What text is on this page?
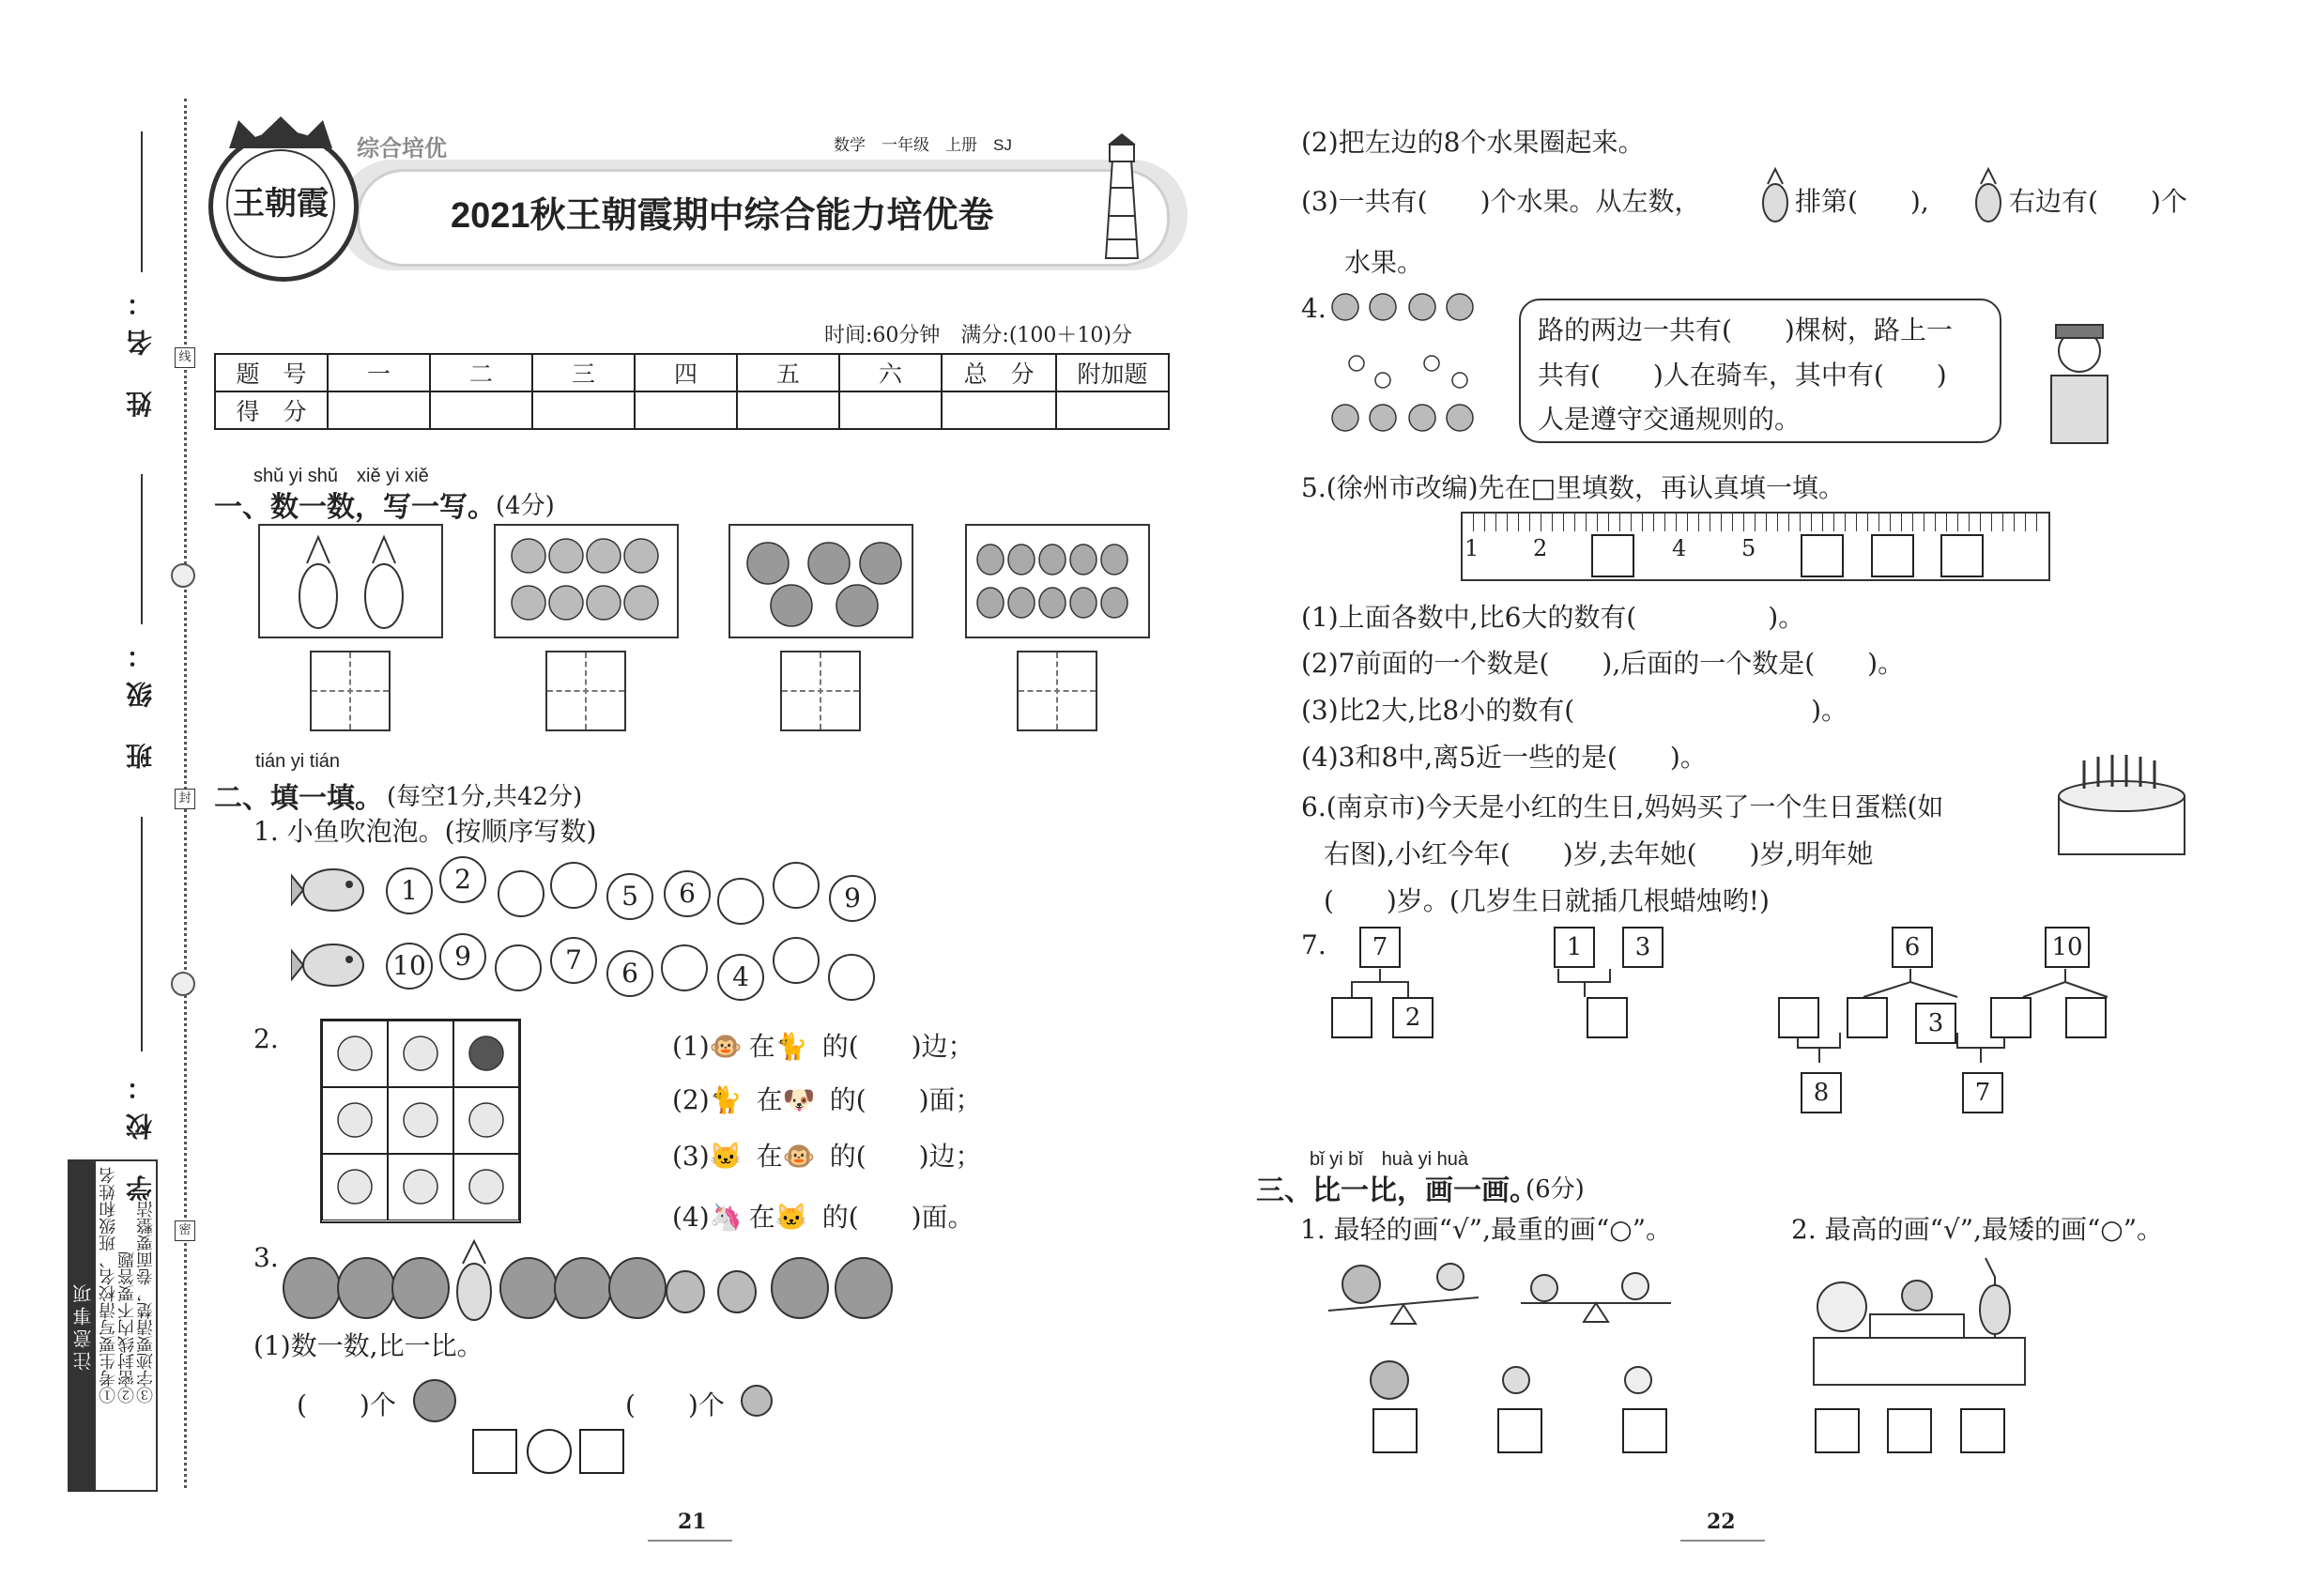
线
封
密
姓 名：
班 级：
学 校：
注意事项 ①考生要写清校名、班级和姓名 ②密封线内不要答题 ③字迹要清楚，卷面要整洁
王朝霞
综合培优	数学　一年级　上册　SJ
2021秋王朝霞期中综合能力培优卷
时间:60分钟　满分:(100＋10)分
题　号	一	二	三	四	五	六	总　分	附加题
得　分								
shǔ yi shǔ　xiě yi xiě
一、数一数，写一写。 (4分)
tián yi tián
二、填一填。 (每空1分,共42分)
1. 小鱼吹泡泡。(按顺序写数)
1	2
5	6	9
10	9	7	6	4
2.	(1)🐵 在🐈 的(　　)边；
(2)🐈 在🐶 的(　　)面；
(3)🐱 在🐵 的(　　)边；
(4)🦄 在🐱 的(　　)面。
3.
(1)数一数,比一比。
(　　)个	(　　)个
21
(2)把左边的8个水果圈起来。
(3)一共有(　　)个水果。从左数，	排第(　　),	右边有(　　)个
水果。
4.
路的两边一共有(　　)棵树，路上一
共有(　　)人在骑车，其中有(　　)
人是遵守交通规则的。
5.(徐州市改编)先在□里填数，再认真填一填。
1 2	4 5
(1)上面各数中,比6大的数有(　　　　　)。
(2)7前面的一个数是(　　),后面的一个数是(　　)。
(3)比2大,比8小的数有(　　　　　　　　　)。
(4)3和8中,离5近一些的是(　　)。
6.(南京市)今天是小红的生日,妈妈买了一个生日蛋糕(如
右图),小红今年(　　)岁,去年她(　　)岁,明年她
(　　)岁。(几岁生日就插几根蜡烛哟!)
7.	7
2
1	3	6	10
3
8	7
bǐ yi bǐ　huà yi huà
三、比一比，画一画。
(6分)
1. 最轻的画“√”,最重的画“○”。	2. 最高的画“√”,最矮的画“○”。
22
